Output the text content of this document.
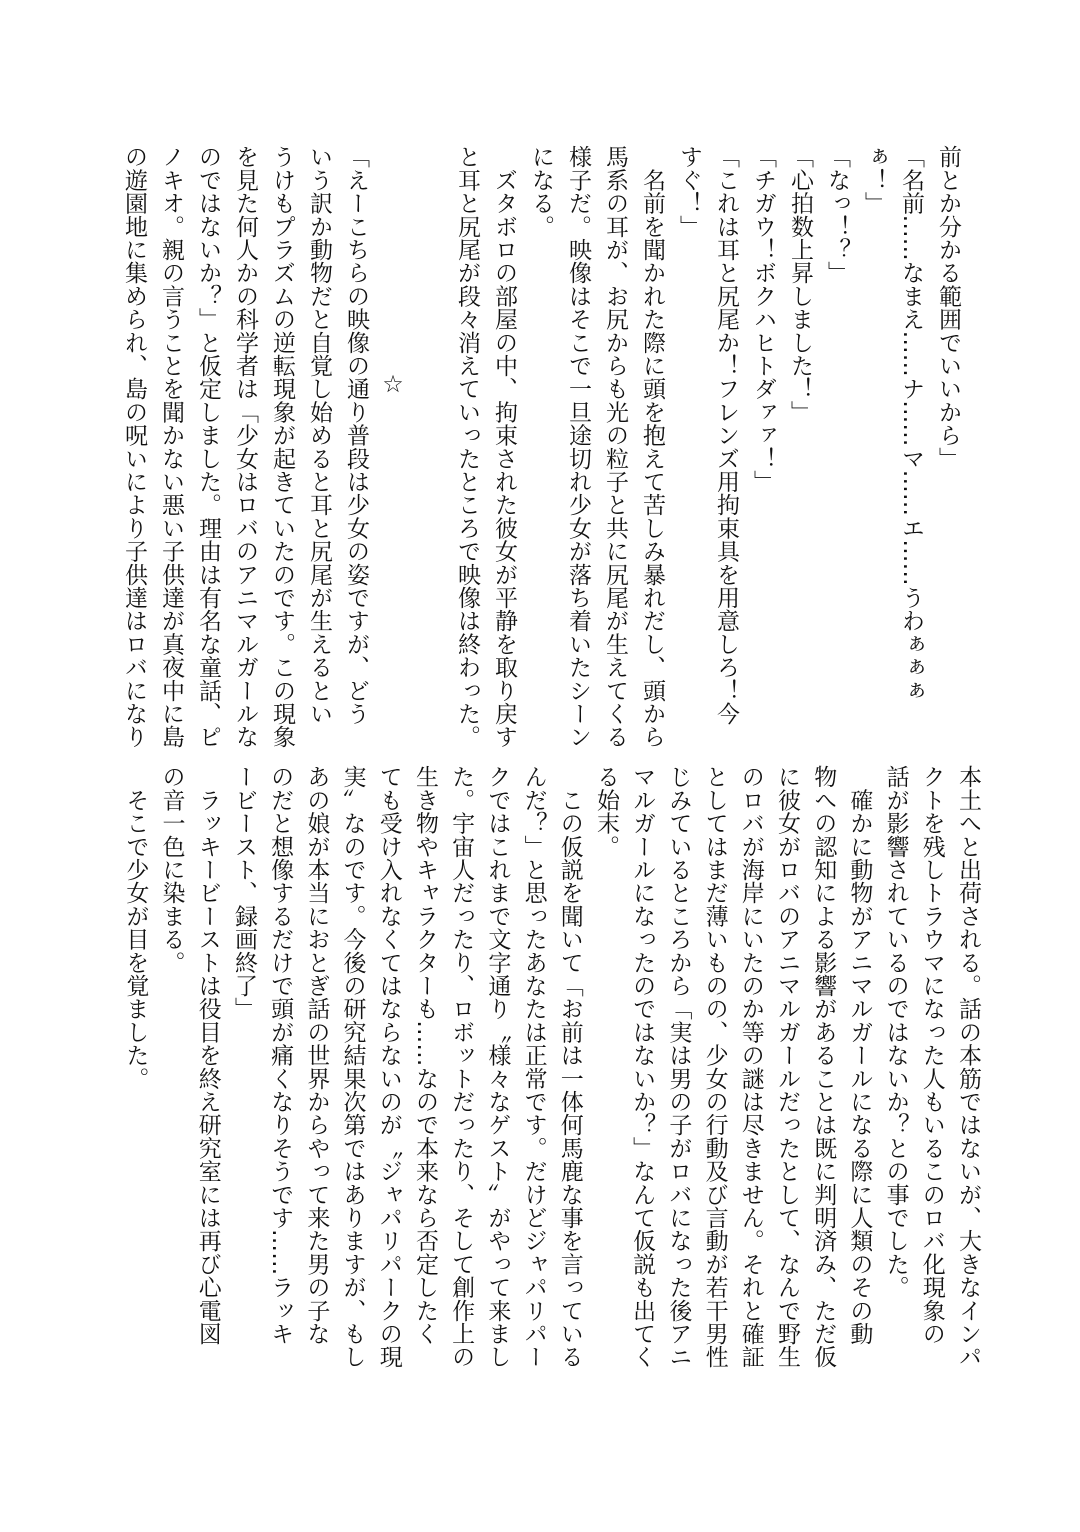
前とか分かる範囲でいいから」
「名前……なまえ……ナ……マ……エ……うわぁぁぁ
ぁ！」
「なっ！？」
「心拍数上昇しました！」
「チガウ！ボクハヒトダァァ！」
「これは耳と尻尾か！フレンズ用拘束具を用意しろ！今
すぐ！」
　名前を聞かれた際に頭を抱えて苦しみ暴れだし、頭から
馬系の耳が、お尻からも光の粒子と共に尻尾が生えてくる
様子だ。映像はそこで一旦途切れ少女が落ち着いたシーン
になる。
　ズタボロの部屋の中、拘束された彼女が平静を取り戻す
と耳と尻尾が段々消えていったところで映像は終わった。
☆
「えーこちらの映像の通り普段は少女の姿ですが、どう
いう訳か動物だと自覚し始めると耳と尻尾が生えるとい
うけもプラズムの逆転現象が起きていたのです。この現象
を見た何人かの科学者は「少女はロバのアニマルガールな
のではないか？」と仮定しました。理由は有名な童話、ピ
ノキオ。親の言うことを聞かない悪い子供達が真夜中に島
の遊園地に集められ、島の呪いにより子供達はロバになり
本土へと出荷される。話の本筋ではないが、大きなインパ
クトを残しトラウマになった人もいるこのロバ化現象の
話が影響されているのではないか？との事でした。
　確かに動物がアニマルガールになる際に人類のその動
物への認知による影響があることは既に判明済み、ただ仮
に彼女がロバのアニマルガールだったとして、なんで野生
のロバが海岸にいたのか等の謎は尽きません。それと確証
としてはまだ薄いものの、少女の行動及び言動が若干男性
じみているところから「実は男の子がロバになった後アニ
マルガールになったのではないか？」なんて仮説も出てく
る始末。
　この仮説を聞いて「お前は一体何馬鹿な事を言っている
んだ？」と思ったあなたは正常です。だけどジャパリパー
クではこれまで文字通り〝様々なゲスト〟がやって来まし
た。宇宙人だったり、ロボットだったり、そして創作上の
生き物やキャラクターも……なので本来なら否定したく
ても受け入れなくてはならないのが〝ジャパリパークの現
実〟なのです。今後の研究結果次第ではありますが、もし
あの娘が本当におとぎ話の世界からやって来た男の子な
のだと想像するだけで頭が痛くなりそうです……ラッキ
ービースト、録画終了」
　ラッキービーストは役目を終え研究室には再び心電図
の音一色に染まる。
　そこで少女が目を覚ました。
